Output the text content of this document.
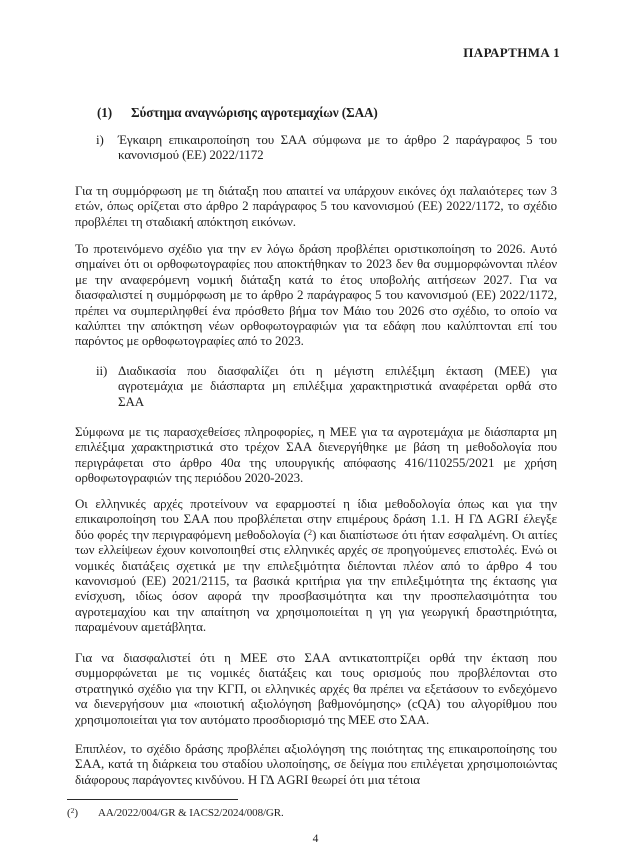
ΠΑΡΑΡΤΗΜΑ 1
(1)	Σύστημα αναγνώρισης αγροτεμαχίων (ΣΑΑ)
i)	Έγκαιρη επικαιροποίηση του ΣΑΑ σύμφωνα με το άρθρο 2 παράγραφος 5 του κανονισμού (ΕΕ) 2022/1172
Για τη συμμόρφωση με τη διάταξη που απαιτεί να υπάρχουν εικόνες όχι παλαιότερες των 3 ετών, όπως ορίζεται στο άρθρο 2 παράγραφος 5 του κανονισμού (ΕΕ) 2022/1172, το σχέδιο προβλέπει τη σταδιακή απόκτηση εικόνων.
Το προτεινόμενο σχέδιο για την εν λόγω δράση προβλέπει οριστικοποίηση το 2026. Αυτό σημαίνει ότι οι ορθοφωτογραφίες που αποκτήθηκαν το 2023 δεν θα συμμορφώνονται πλέον με την αναφερόμενη νομική διάταξη κατά το έτος υποβολής αιτήσεων 2027. Για να διασφαλιστεί η συμμόρφωση με το άρθρο 2 παράγραφος 5 του κανονισμού (ΕΕ) 2022/1172, πρέπει να συμπεριληφθεί ένα πρόσθετο βήμα τον Μάιο του 2026 στο σχέδιο, το οποίο να καλύπτει την απόκτηση νέων ορθοφωτογραφιών για τα εδάφη που καλύπτονται επί του παρόντος με ορθοφωτογραφίες από το 2023.
ii) Διαδικασία που διασφαλίζει ότι η μέγιστη επιλέξιμη έκταση (ΜΕΕ) για αγροτεμάχια με διάσπαρτα μη επιλέξιμα χαρακτηριστικά αναφέρεται ορθά στο ΣΑΑ
Σύμφωνα με τις παρασχεθείσες πληροφορίες, η ΜΕΕ για τα αγροτεμάχια με διάσπαρτα μη επιλέξιμα χαρακτηριστικά στο τρέχον ΣΑΑ διενεργήθηκε με βάση τη μεθοδολογία που περιγράφεται στο άρθρο 40α της υπουργικής απόφασης 416/110255/2021 με χρήση ορθοφωτογραφιών της περιόδου 2020-2023.
Οι ελληνικές αρχές προτείνουν να εφαρμοστεί η ίδια μεθοδολογία όπως και για την επικαιροποίηση του ΣΑΑ που προβλέπεται στην επιμέρους δράση 1.1. Η ΓΔ AGRI έλεγξε δύο φορές την περιγραφόμενη μεθοδολογία ($^2$) και διαπίστωσε ότι ήταν εσφαλμένη. Οι αιτίες των ελλείψεων έχουν κοινοποιηθεί στις ελληνικές αρχές σε προηγούμενες επιστολές. Ενώ οι νομικές διατάξεις σχετικά με την επιλεξιμότητα διέπονται πλέον από το άρθρο 4 του κανονισμού (ΕΕ) 2021/2115, τα βασικά κριτήρια για την επιλεξιμότητα της έκτασης για ενίσχυση, ιδίως όσον αφορά την προσβασιμότητα και την προσπελασιμότητα του αγροτεμαχίου και την απαίτηση να χρησιμοποιείται η γη για γεωργική δραστηριότητα, παραμένουν αμετάβλητα.
Για να διασφαλιστεί ότι η ΜΕΕ στο ΣΑΑ αντικατοπτρίζει ορθά την έκταση που συμμορφώνεται με τις νομικές διατάξεις και τους ορισμούς που προβλέπονται στο στρατηγικό σχέδιο για την ΚΓΠ, οι ελληνικές αρχές θα πρέπει να εξετάσουν το ενδεχόμενο να διενεργήσουν μια «ποιοτική αξιολόγηση βαθμονόμησης» (cQA) του αλγορίθμου που χρησιμοποιείται για τον αυτόματο προσδιορισμό της ΜΕΕ στο ΣΑΑ.
Επιπλέον, το σχέδιο δράσης προβλέπει αξιολόγηση της ποιότητας της επικαιροποίησης του ΣΑΑ, κατά τη διάρκεια του σταδίου υλοποίησης, σε δείγμα που επιλέγεται χρησιμοποιώντας διάφορους παράγοντες κινδύνου. Η ΓΔ AGRI θεωρεί ότι μια τέτοια
($^2$)	AA/2022/004/GR & IACS2/2024/008/GR.
4
